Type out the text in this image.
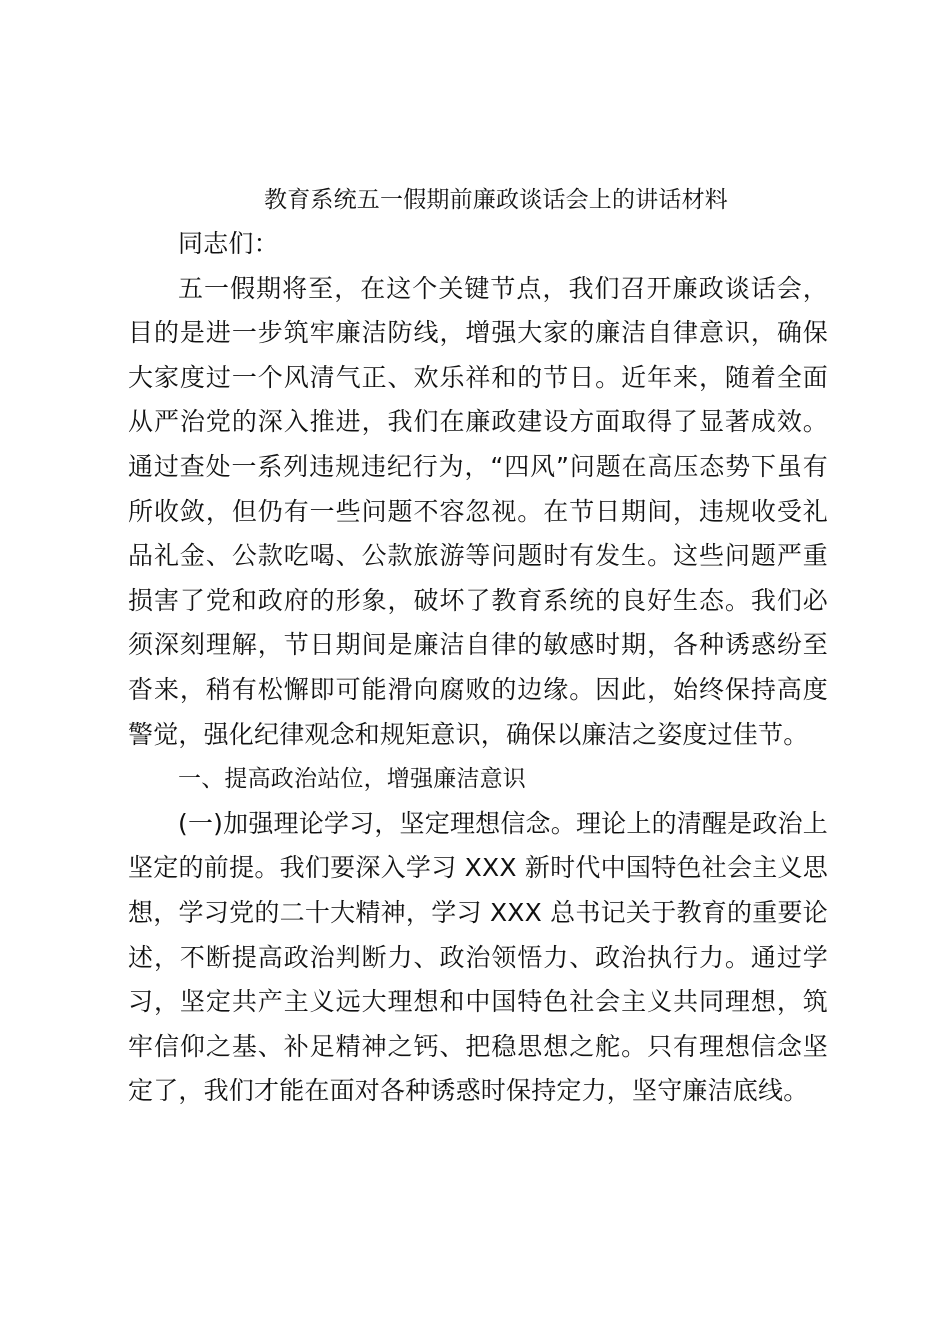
教育系统五一假期前廉政谈话会上的讲话材料

同志们：

五一假期将至，在这个关键节点，我们召开廉政谈话会，目的是进一步筑牢廉洁防线，增强大家的廉洁自律意识，确保大家度过一个风清气正、欢乐祥和的节日。近年来，随着全面从严治党的深入推进，我们在廉政建设方面取得了显著成效。通过查处一系列违规违纪行为，“四风”问题在高压态势下虽有所收敛，但仍有一些问题不容忽视。在节日期间，违规收受礼品礼金、公款吃喝、公款旅游等问题时有发生。这些问题严重损害了党和政府的形象，破坏了教育系统的良好生态。我们必须深刻理解，节日期间是廉洁自律的敏感时期，各种诱惑纷至沓来，稍有松懈即可能滑向腐败的边缘。因此，始终保持高度警觉，强化纪律观念和规矩意识，确保以廉洁之姿度过佳节。

一、提高政治站位，增强廉洁意识

(一)加强理论学习，坚定理想信念。理论上的清醒是政治上坚定的前提。我们要深入学习 XXX 新时代中国特色社会主义思想，学习党的二十大精神，学习 XXX 总书记关于教育的重要论述，不断提高政治判断力、政治领悟力、政治执行力。通过学习，坚定共产主义远大理想和中国特色社会主义共同理想，筑牢信仰之基、补足精神之钙、把稳思想之舵。只有理想信念坚定了，我们才能在面对各种诱惑时保持定力，坚守廉洁底线。
